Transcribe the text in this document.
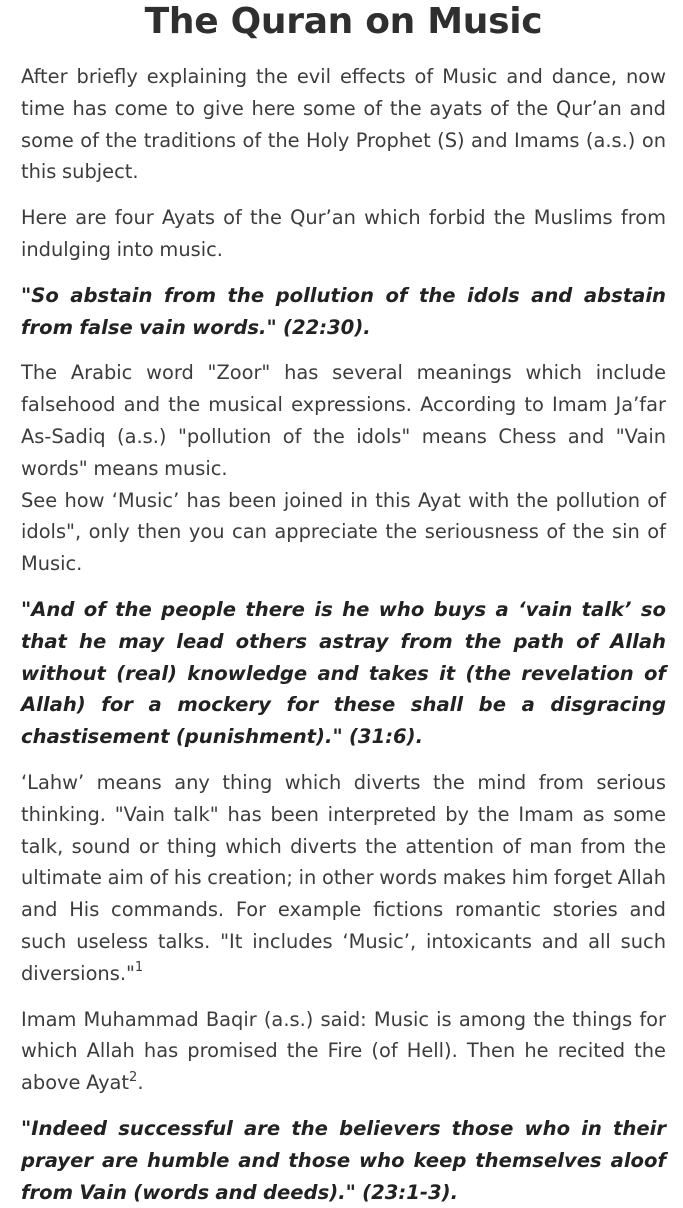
The Quran on Music

After briefly explaining the evil effects of Music and dance, now time has come to give here some of the ayats of the Qur’an and some of the traditions of the Holy Prophet (S) and Imams (a.s.) on this subject.

Here are four Ayats of the Qur’an which forbid the Muslims from indulging into music.

"So abstain from the pollution of the idols and abstain from false vain words." (22:30).

The Arabic word "Zoor" has several meanings which include falsehood and the musical expressions. According to Imam Ja’far As-Sadiq (a.s.) "pollution of the idols" means Chess and "Vain words" means music.

See how ‘Music’ has been joined in this Ayat with the pollution of idols", only then you can appreciate the seriousness of the sin of Music.

"And of the people there is he who buys a ‘vain talk’ so that he may lead others astray from the path of Allah without (real) knowledge and takes it (the revelation of Allah) for a mockery for these shall be a disgracing chastisement (punishment)." (31:6).

‘Lahw’ means any thing which diverts the mind from serious thinking. "Vain talk" has been interpreted by the Imam as some talk, sound or thing which diverts the attention of man from the ultimate aim of his creation; in other words makes him forget Allah and His commands. For example fictions romantic stories and such useless talks. "It includes ‘Music’, intoxicants and all such diversions."$^1$

Imam Muhammad Baqir (a.s.) said: Music is among the things for which Allah has promised the Fire (of Hell). Then he recited the above Ayat$^2$.

"Indeed successful are the believers those who in their prayer are humble and those who keep themselves aloof from Vain (words and deeds)." (23:1-3).
